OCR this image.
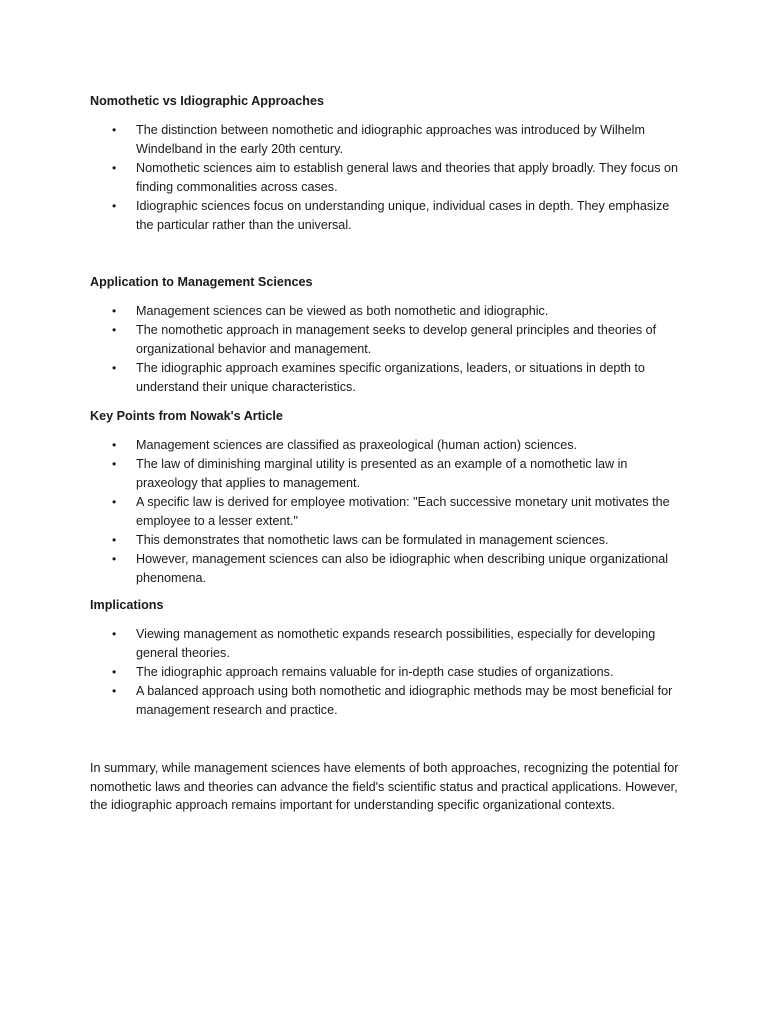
Nomothetic vs Idiographic Approaches
• The distinction between nomothetic and idiographic approaches was introduced by Wilhelm Windelband in the early 20th century.
• Nomothetic sciences aim to establish general laws and theories that apply broadly. They focus on finding commonalities across cases.
• Idiographic sciences focus on understanding unique, individual cases in depth. They emphasize the particular rather than the universal.
Application to Management Sciences
• Management sciences can be viewed as both nomothetic and idiographic.
• The nomothetic approach in management seeks to develop general principles and theories of organizational behavior and management.
• The idiographic approach examines specific organizations, leaders, or situations in depth to understand their unique characteristics.
Key Points from Nowak's Article
• Management sciences are classified as praxeological (human action) sciences.
• The law of diminishing marginal utility is presented as an example of a nomothetic law in praxeology that applies to management.
• A specific law is derived for employee motivation: "Each successive monetary unit motivates the employee to a lesser extent."
• This demonstrates that nomothetic laws can be formulated in management sciences.
• However, management sciences can also be idiographic when describing unique organizational phenomena.
Implications
• Viewing management as nomothetic expands research possibilities, especially for developing general theories.
• The idiographic approach remains valuable for in-depth case studies of organizations.
• A balanced approach using both nomothetic and idiographic methods may be most beneficial for management research and practice.

In summary, while management sciences have elements of both approaches, recognizing the potential for nomothetic laws and theories can advance the field's scientific status and practical applications. However, the idiographic approach remains important for understanding specific organizational contexts.
